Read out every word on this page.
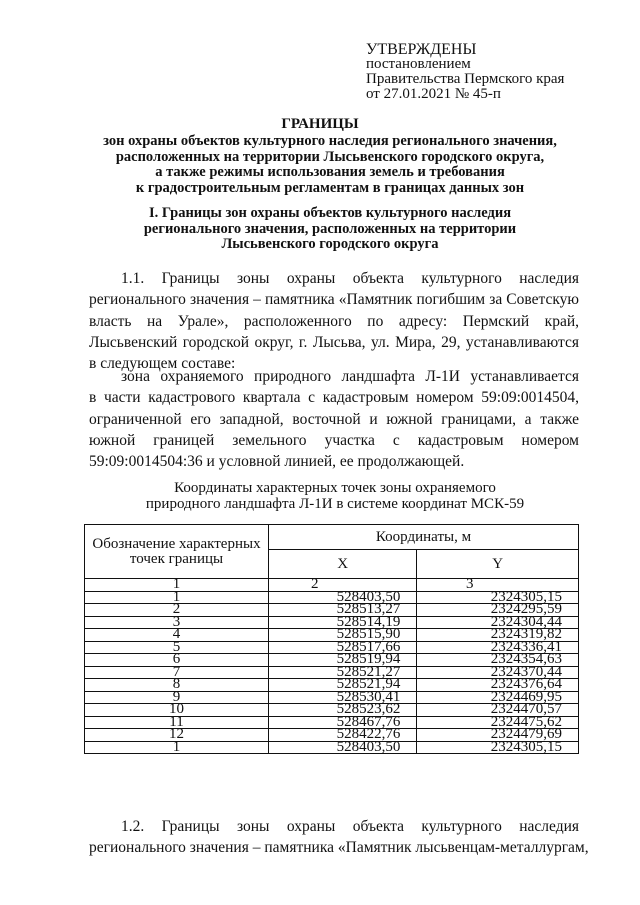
УТВЕРЖДЕНЫ
постановлением
Правительства Пермского края
от 27.01.2021 № 45-п
ГРАНИЦЫ
зон охраны объектов культурного наследия регионального значения,
расположенных на территории Лысьвенского городского округа,
а также режимы использования земель и требования
к градостроительным регламентам в границах данных зон
I. Границы зон охраны объектов культурного наследия
регионального значения, расположенных на территории
Лысьвенского городского округа
1.1. Границы зоны охраны объекта культурного наследия
регионального значения – памятника «Памятник погибшим за Советскую
власть на Урале», расположенного по адресу: Пермский край,
Лысьвенский городской округ, г. Лысьва, ул. Мира, 29, устанавливаются
в следующем составе:
зона охраняемого природного ландшафта Л-1И устанавливается
в части кадастрового квартала с кадастровым номером 59:09:0014504,
ограниченной его западной, восточной и южной границами, а также
южной границей земельного участка с кадастровым номером
59:09:0014504:36 и условной линией, ее продолжающей.
Координаты характерных точек зоны охраняемого
природного ландшафта Л-1И в системе координат МСК-59
Обозначение характерных точек границы	Координаты, м	
	X	Y
1	2	3
1	528403,50	2324305,15
2	528513,27	2324295,59
3	528514,19	2324304,44
4	528515,90	2324319,82
5	528517,66	2324336,41
6	528519,94	2324354,63
7	528521,27	2324370,44
8	528521,94	2324376,64
9	528530,41	2324469,95
10	528523,62	2324470,57
11	528467,76	2324475,62
12	528422,76	2324479,69
1	528403,50	2324305,15
1.2. Границы зоны охраны объекта культурного наследия
регионального значения – памятника «Памятник лысьвенцам-металлургам,
